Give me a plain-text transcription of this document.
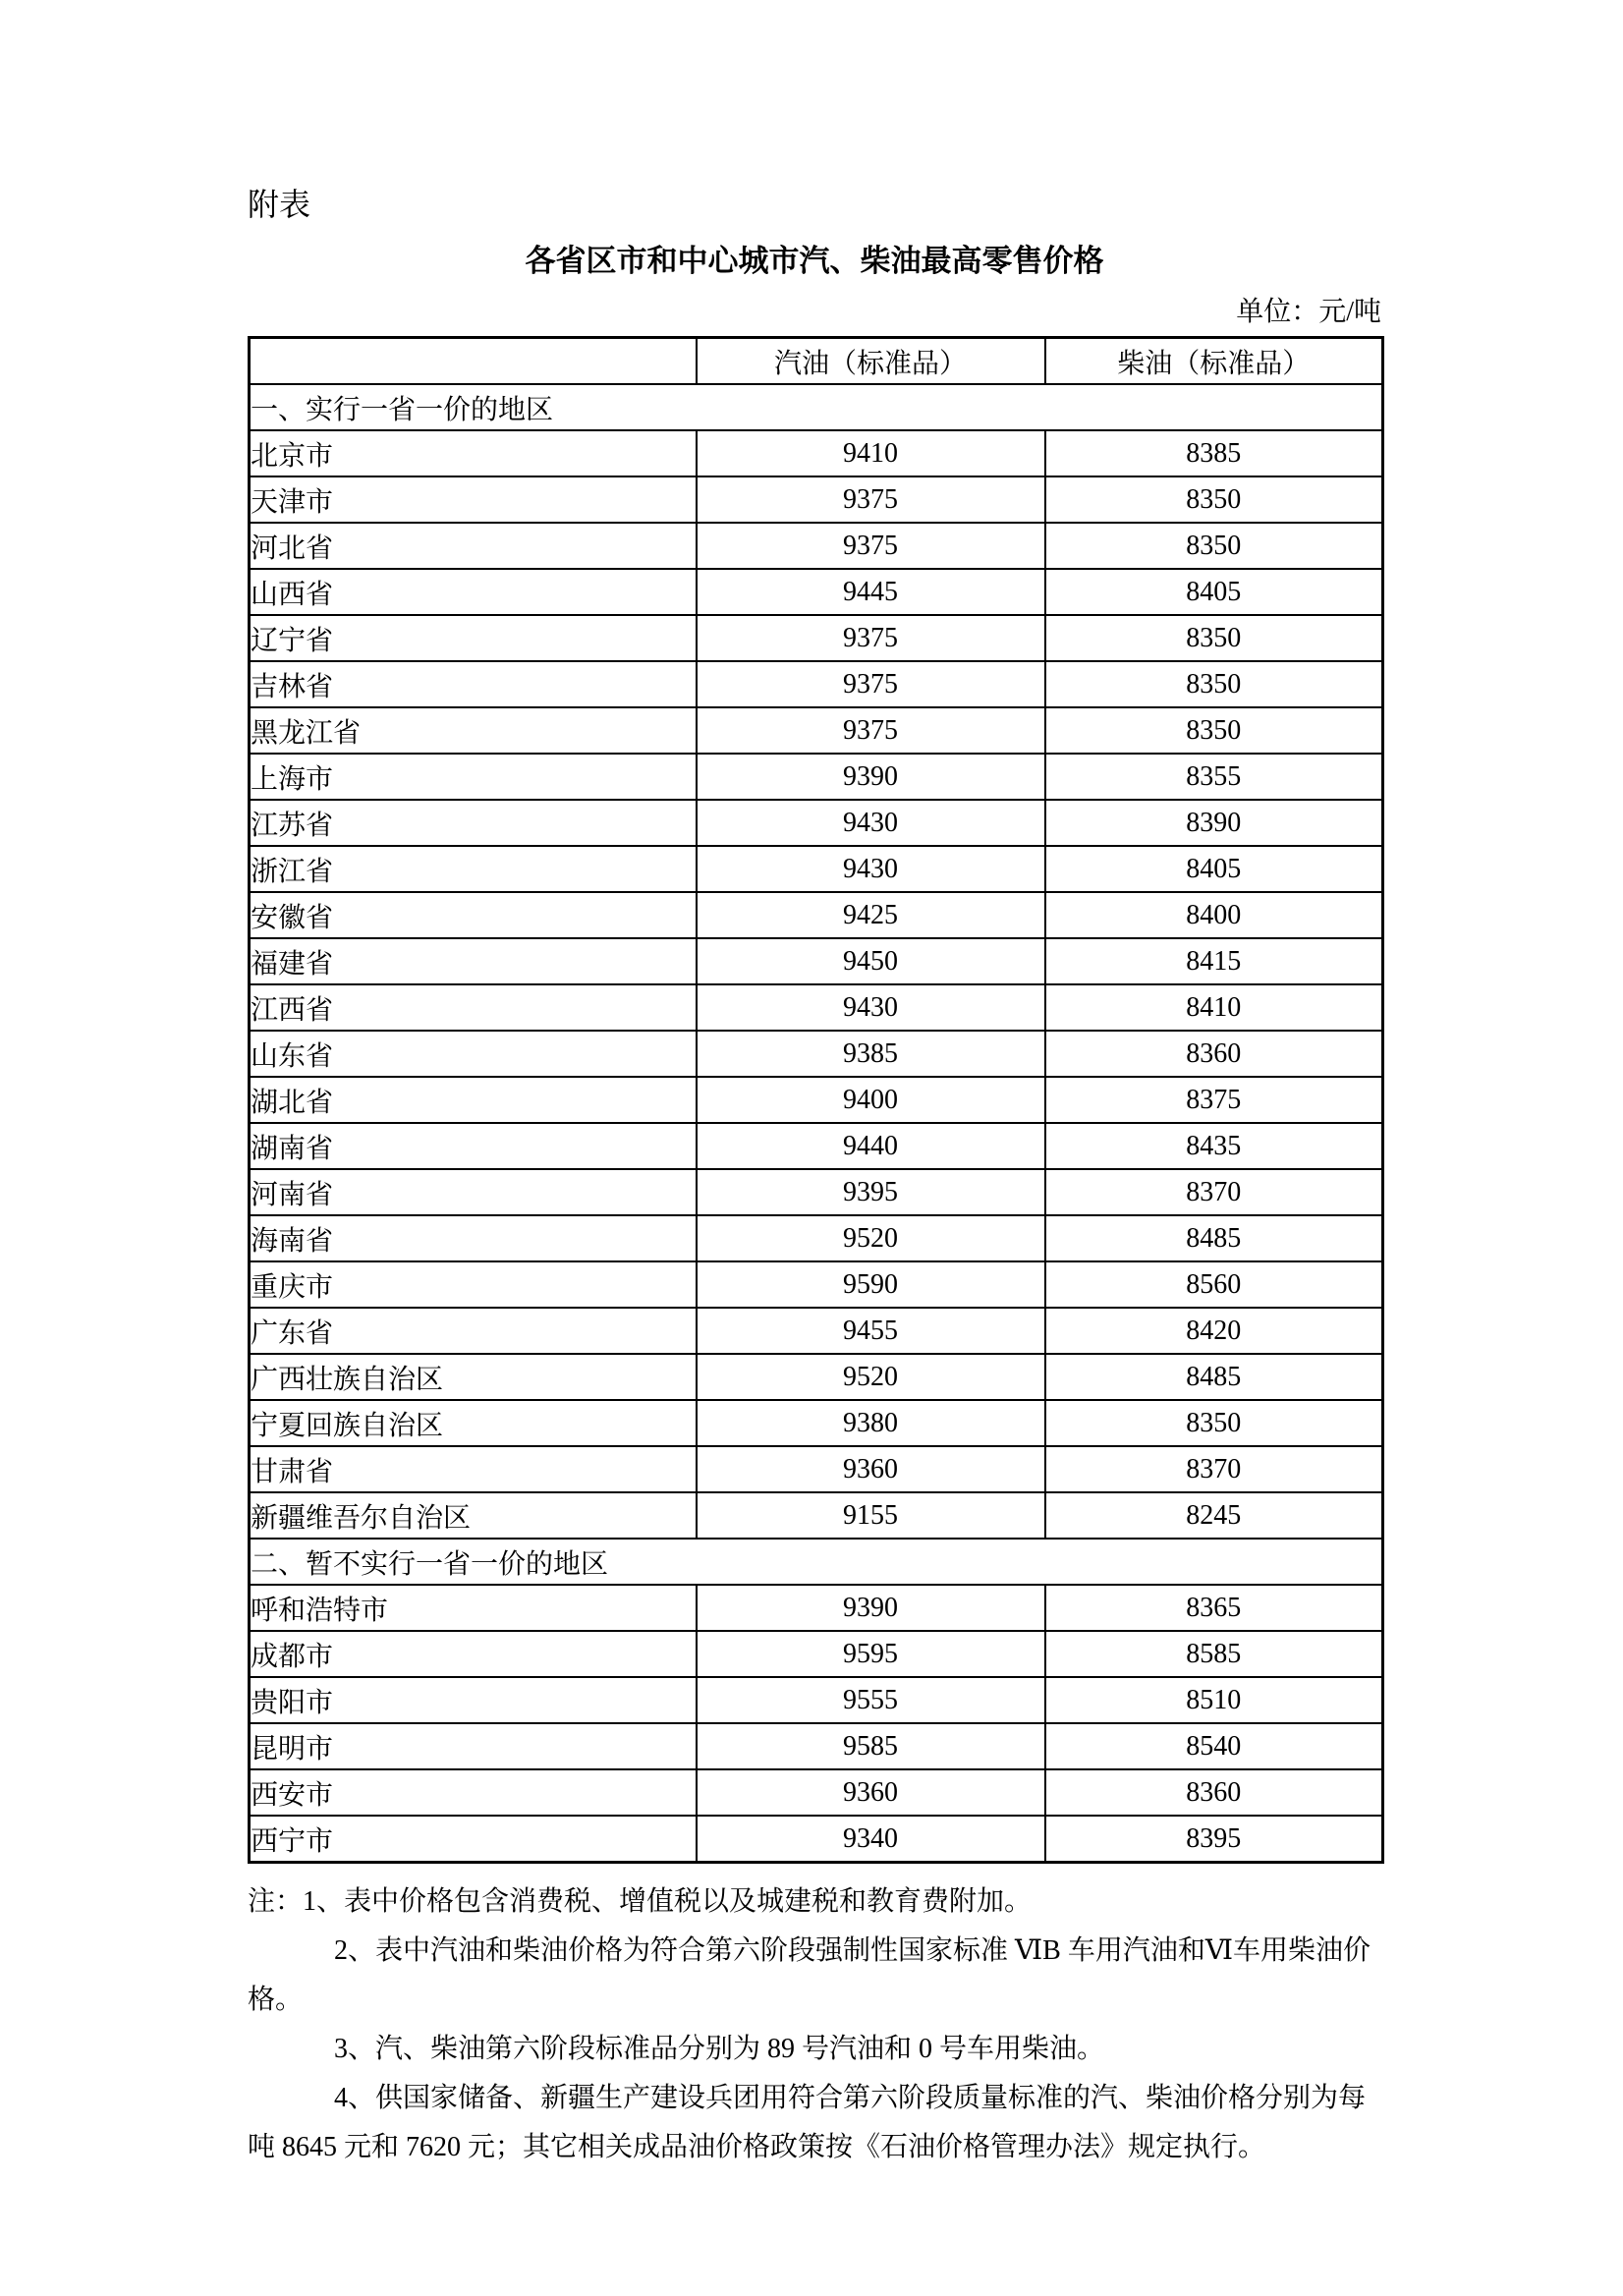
附表
各省区市和中心城市汽、柴油最高零售价格
单位：元/吨
	汽油（标准品）	柴油（标准品）
一、实行一省一价的地区		
北京市	9410	8385
天津市	9375	8350
河北省	9375	8350
山西省	9445	8405
辽宁省	9375	8350
吉林省	9375	8350
黑龙江省	9375	8350
上海市	9390	8355
江苏省	9430	8390
浙江省	9430	8405
安徽省	9425	8400
福建省	9450	8415
江西省	9430	8410
山东省	9385	8360
湖北省	9400	8375
湖南省	9440	8435
河南省	9395	8370
海南省	9520	8485
重庆市	9590	8560
广东省	9455	8420
广西壮族自治区	9520	8485
宁夏回族自治区	9380	8350
甘肃省	9360	8370
新疆维吾尔自治区	9155	8245
二、暂不实行一省一价的地区		
呼和浩特市	9390	8365
成都市	9595	8585
贵阳市	9555	8510
昆明市	9585	8540
西安市	9360	8360
西宁市	9340	8395

注：1、表中价格包含消费税、增值税以及城建税和教育费附加。

2、表中汽油和柴油价格为符合第六阶段强制性国家标准 ⅥB 车用汽油和Ⅵ车用柴油价格。

3、汽、柴油第六阶段标准品分别为 89 号汽油和 0 号车用柴油。

4、供国家储备、新疆生产建设兵团用符合第六阶段质量标准的汽、柴油价格分别为每吨 8645 元和 7620 元；其它相关成品油价格政策按《石油价格管理办法》规定执行。
